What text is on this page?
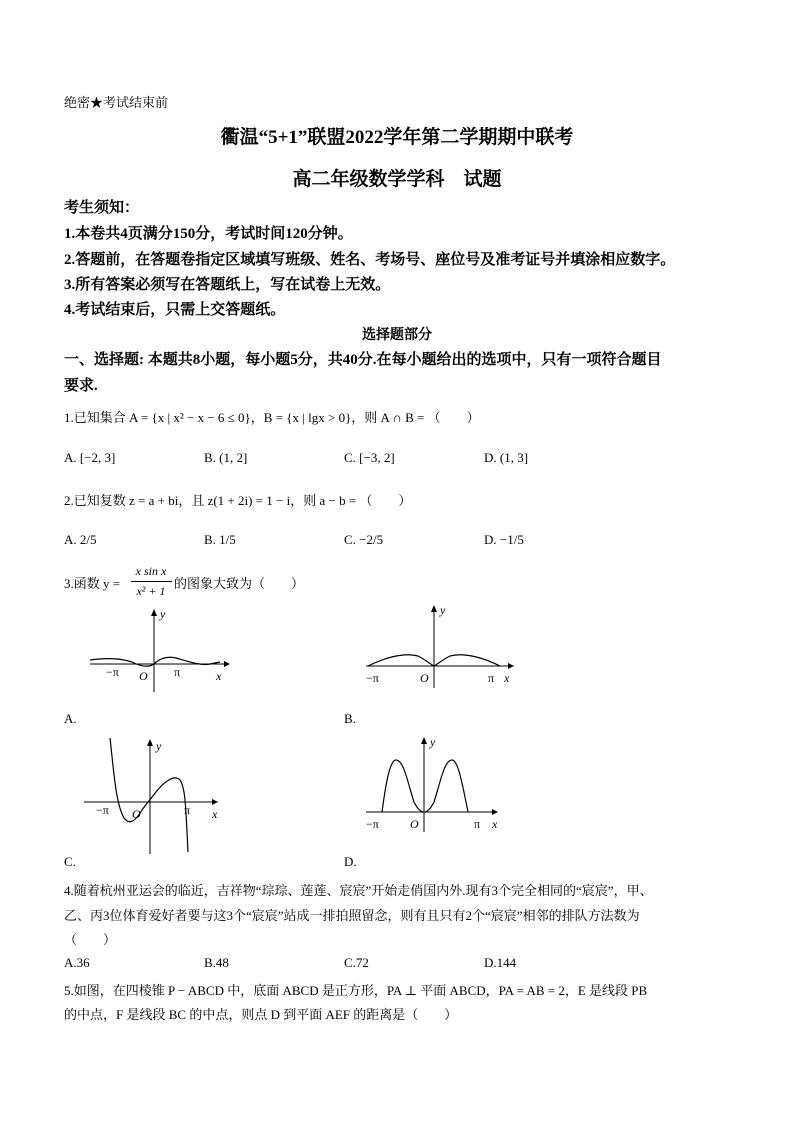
绝密★考试结束前
衢温“5+1”联盟2022学年第二学期期中联考
高二年级数学学科　试题
考生须知：
1.本卷共4页满分150分，考试时间120分钟。
2.答题前，在答题卷指定区域填写班级、姓名、考场号、座位号及准考证号并填涂相应数字。
3.所有答案必须写在答题纸上，写在试卷上无效。
4.考试结束后，只需上交答题纸。
选择题部分
一、选择题: 本题共8小题，每小题5分，共40分.在每小题给出的选项中，只有一项符合题目
要求.
1.已知集合 A = {x | x² − x − 6 ≤ 0}，B = {x | lgx > 0}，则 A ∩ B = （　　）
A. [−2, 3]	B. (1, 2]	C. [−3, 2]	D. (1, 3]
2.已知复数 z = a + bi，且 z(1 + 2i) = 1 − i，则 a − b = （　　）
A. 2/5	B. 1/5	C. −2/5	D. −1/5
3.函数 y =
x sin x
x² + 1 的图象大致为（　　）
y
x
O
−π	π
A.
y
x
O
−π	π
B.
y
x
O
−π	π
C.
y
x
O
−π	π
D.
4.随着杭州亚运会的临近，吉祥物“琮琮、莲莲、宸宸”开始走俏国内外.现有3个完全相同的“宸宸”，甲、
乙、丙3位体育爱好者要与这3个“宸宸”站成一排拍照留念，则有且只有2个“宸宸”相邻的排队方法数为
（　　）
A.36	B.48	C.72	D.144
5.如图，在四棱锥 P − ABCD 中，底面 ABCD 是正方形，PA ⊥ 平面 ABCD，PA = AB = 2，E 是线段 PB
的中点，F 是线段 BC 的中点，则点 D 到平面 AEF 的距离是（　　）
